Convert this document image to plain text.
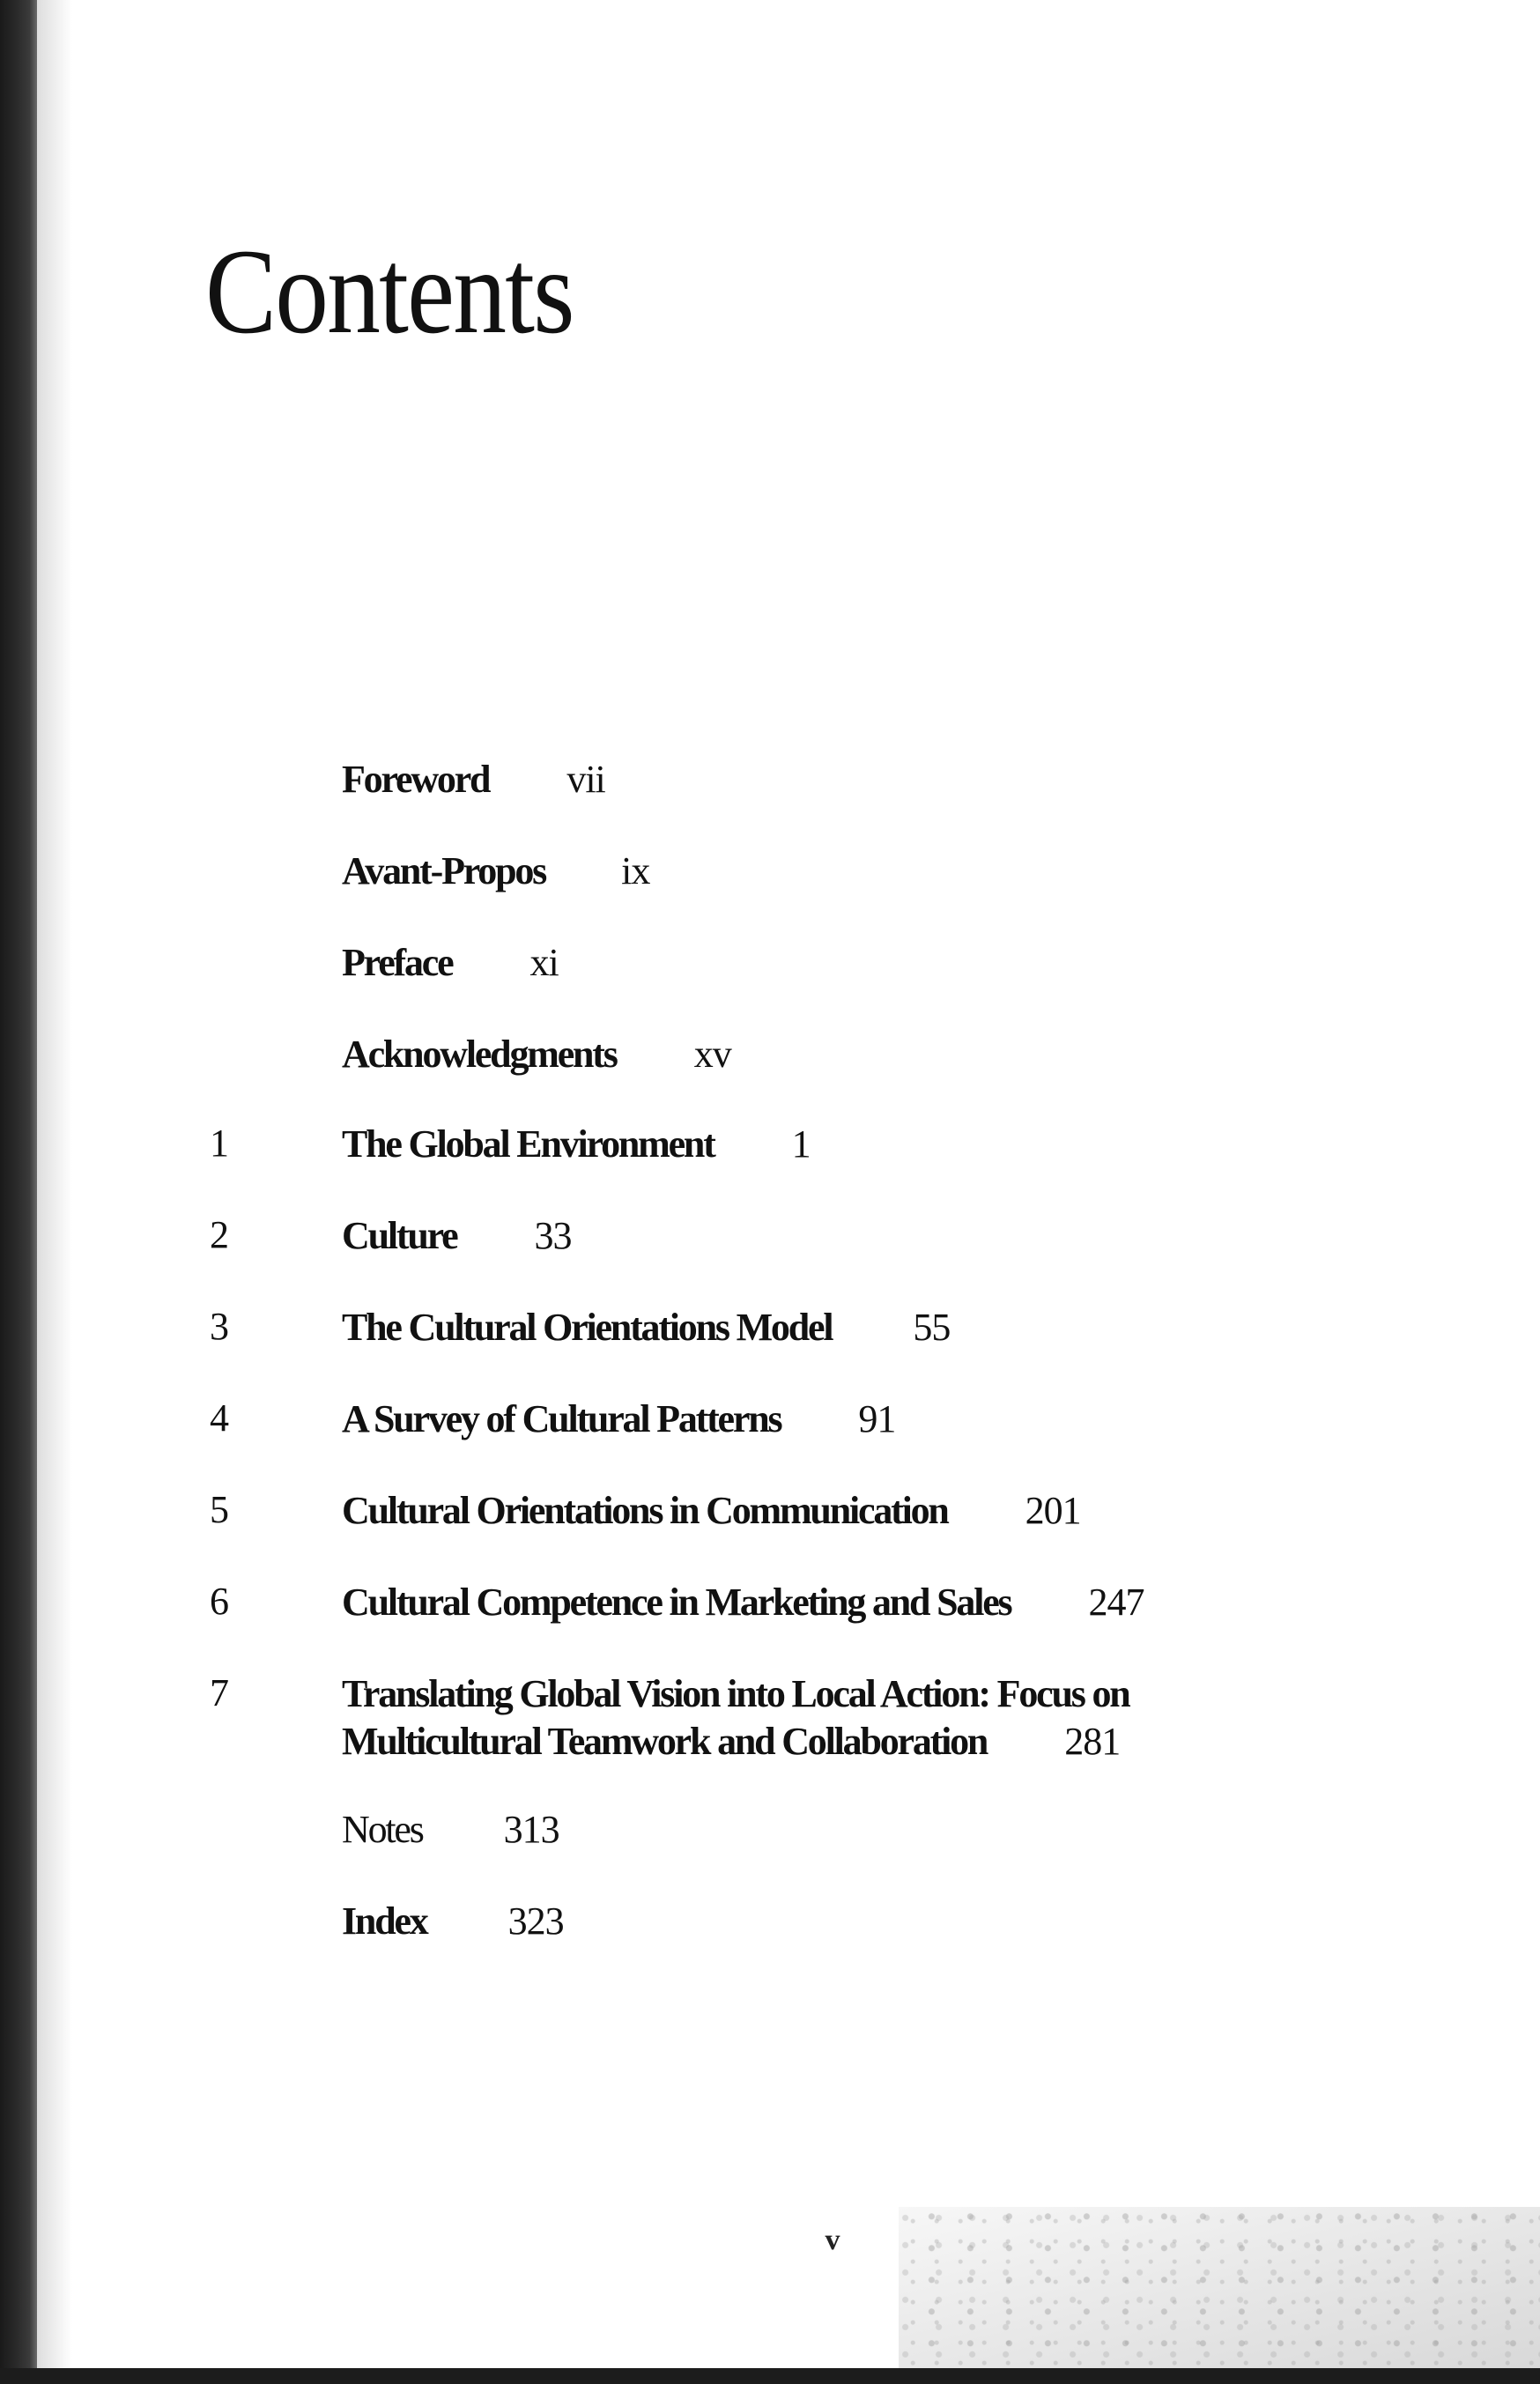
Contents
Foreword vii
Avant-Propos ix
Preface xi
Acknowledgments xv
1	The Global Environment 1
2	Culture 33
3	The Cultural Orientations Model 55
4	A Survey of Cultural Patterns 91
5	Cultural Orientations in Communication 201
6	Cultural Competence in Marketing and Sales 247
7	Translating Global Vision into Local Action: Focus on
Multicultural Teamwork and Collaboration 281
Notes 313
Index 323
v
